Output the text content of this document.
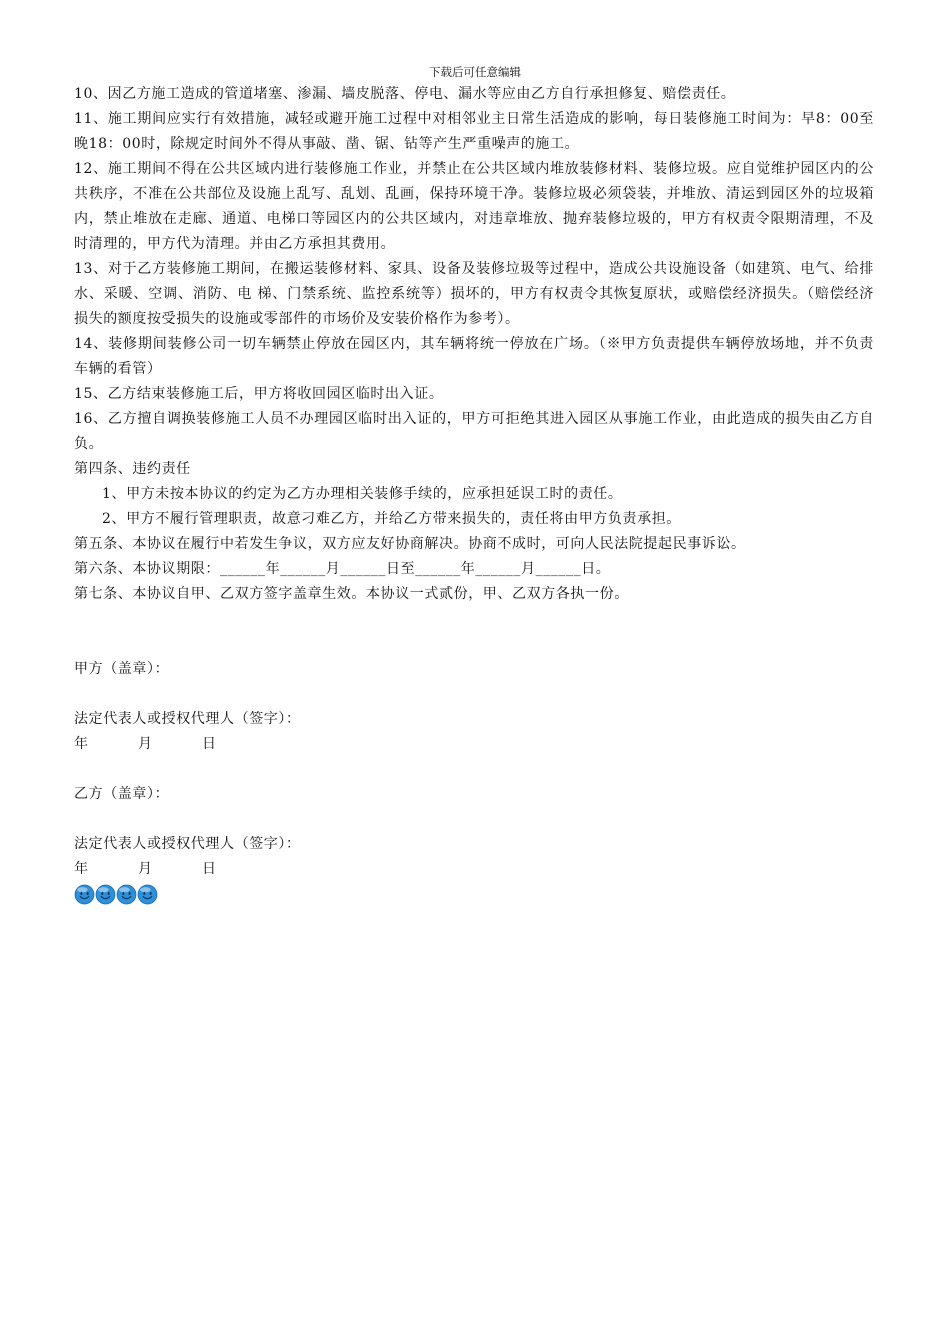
下载后可任意编辑

10、因乙方施工造成的管道堵塞、渗漏、墙皮脱落、停电、漏水等应由乙方自行承担修复、赔偿责任。

11、施工期间应实行有效措施，减轻或避开施工过程中对相邻业主日常生活造成的影响，每日装修施工时间为：早8：00至晚18：00时，除规定时间外不得从事敲、凿、锯、钻等产生严重噪声的施工。

12、施工期间不得在公共区域内进行装修施工作业，并禁止在公共区域内堆放装修材料、装修垃圾。应自觉维护园区内的公共秩序，不准在公共部位及设施上乱写、乱划、乱画，保持环境干净。装修垃圾必须袋装，并堆放、清运到园区外的垃圾箱内，禁止堆放在走廊、通道、电梯口等园区内的公共区域内，对违章堆放、抛弃装修垃圾的，甲方有权责令限期清理，不及时清理的，甲方代为清理。并由乙方承担其费用。

13、对于乙方装修施工期间，在搬运装修材料、家具、设备及装修垃圾等过程中，造成公共设施设备（如建筑、电气、给排水、采暖、空调、消防、电 梯、门禁系统、监控系统等）损坏的，甲方有权责令其恢复原状，或赔偿经济损失。（赔偿经济损失的额度按受损失的设施或零部件的市场价及安装价格作为参考）。

14、装修期间装修公司一切车辆禁止停放在园区内，其车辆将统一停放在广场。（※甲方负责提供车辆停放场地，并不负责车辆的看管）

15、乙方结束装修施工后，甲方将收回园区临时出入证。

16、乙方擅自调换装修施工人员不办理园区临时出入证的，甲方可拒绝其进入园区从事施工作业，由此造成的损失由乙方自负。

第四条、违约责任

1、甲方未按本协议的约定为乙方办理相关装修手续的，应承担延误工时的责任。

2、甲方不履行管理职责，故意刁难乙方，并给乙方带来损失的，责任将由甲方负责承担。

第五条、本协议在履行中若发生争议，双方应友好协商解决。协商不成时，可向人民法院提起民事诉讼。

第六条、本协议期限：______年______月______日至______年______月______日。

第七条、本协议自甲、乙双方签字盖章生效。本协议一式贰份，甲、乙双方各执一份。

甲方（盖章）：

法定代表人或授权代理人（签字）：

年	月	日

乙方（盖章）：

法定代表人或授权代理人（签字）：

年	月	日
